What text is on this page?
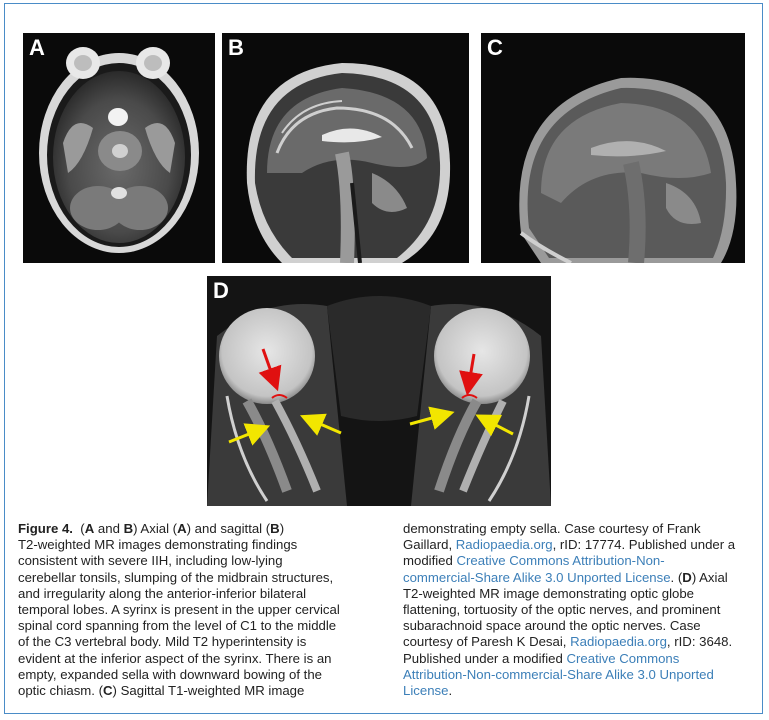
A	B	C
D
Figure 4. (A and B) Axial (A) and sagittal (B)
T2-weighted MR images demonstrating findings
consistent with severe IIH, including low-lying
cerebellar tonsils, slumping of the midbrain structures,
and irregularity along the anterior-inferior bilateral
temporal lobes. A syrinx is present in the upper cervical
spinal cord spanning from the level of C1 to the middle
of the C3 vertebral body. Mild T2 hyperintensity is
evident at the inferior aspect of the syrinx. There is an
empty, expanded sella with downward bowing of the
optic chiasm. (C) Sagittal T1-weighted MR image
demonstrating empty sella. Case courtesy of Frank
Gaillard, Radiopaedia.org, rID: 17774. Published under a
modified Creative Commons Attribution-Non-
commercial-Share Alike 3.0 Unported License. (D) Axial
T2-weighted MR image demonstrating optic globe
flattening, tortuosity of the optic nerves, and prominent
subarachnoid space around the optic nerves. Case
courtesy of Paresh K Desai, Radiopaedia.org, rID: 3648.
Published under a modified Creative Commons
Attribution-Non-commercial-Share Alike 3.0 Unported
License.
